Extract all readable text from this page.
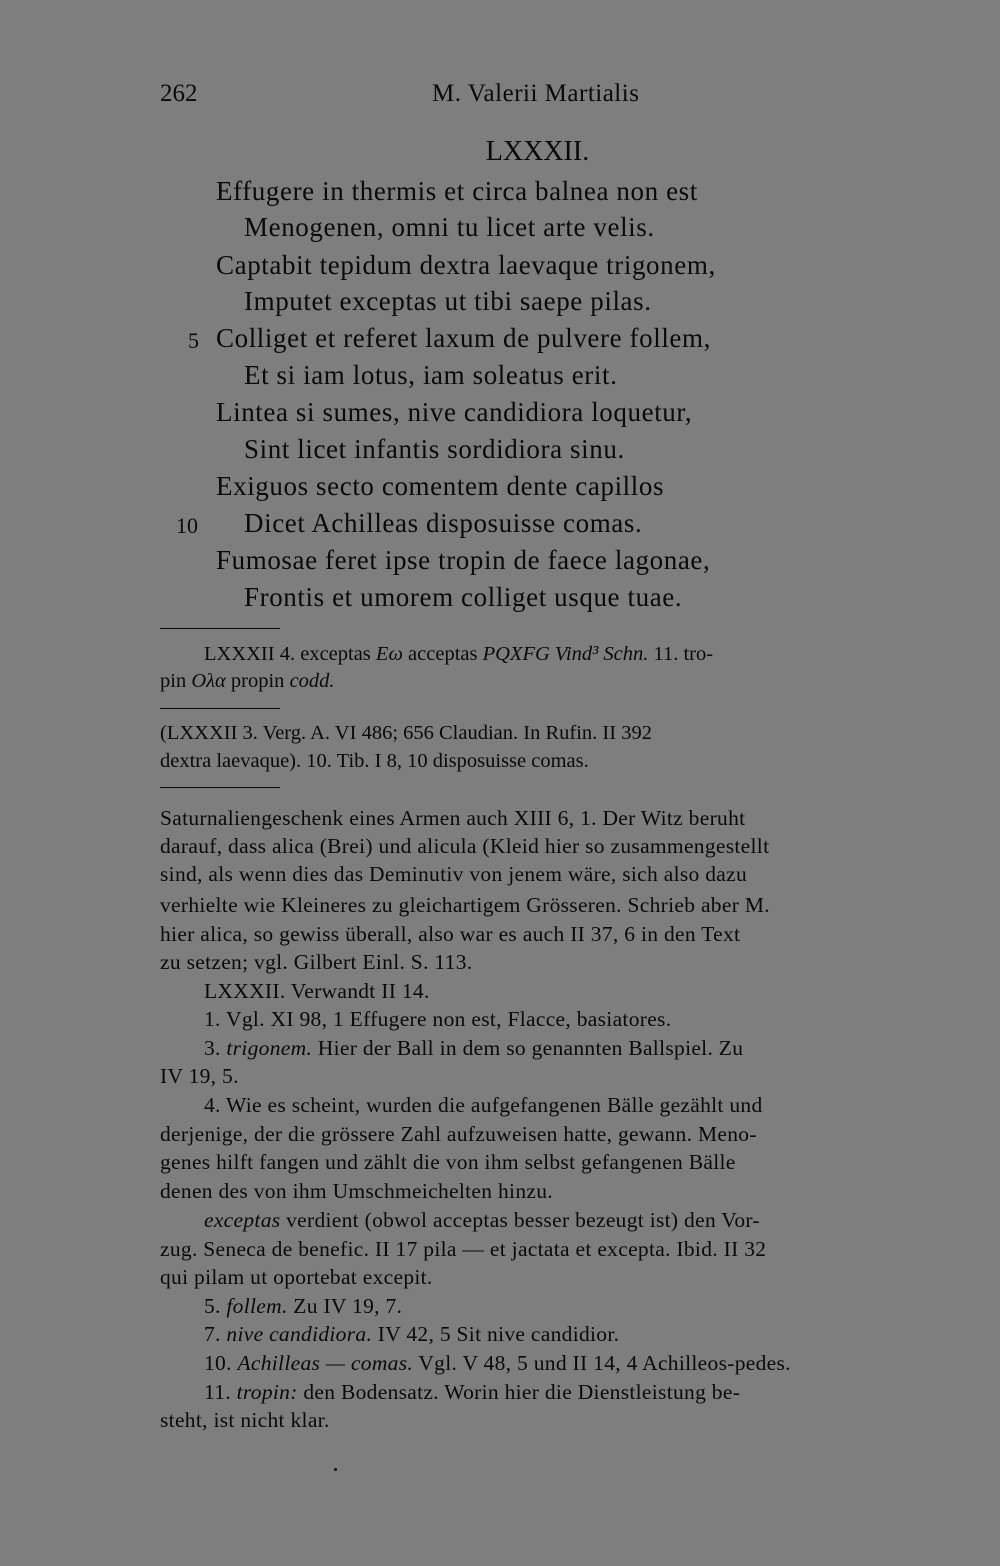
262	M. Valerii Martialis
LXXXII.
Effugere in thermis et circa balnea non est
Menogenen, omni tu licet arte velis.
Captabit tepidum dextra laevaque trigonem,
Imputet exceptas ut tibi saepe pilas.
5 Colliget et referet laxum de pulvere follem,
Et si iam lotus, iam soleatus erit.
Lintea si sumes, nive candidiora loquetur,
Sint licet infantis sordidiora sinu.
Exiguos secto comentem dente capillos
10 Dicet Achilleas disposuisse comas.
Fumosae feret ipse tropin de faece lagonae,
Frontis et umorem colliget usque tuae.
LXXXII 4. exceptas Eω acceptas PQXFG Vind³ Schn. 11. tro-
pin Ολα propin codd.
(LXXXII 3. Verg. A. VI 486; 656 Claudian. In Rufin. II 392
dextra laevaque). 10. Tib. I 8, 10 disposuisse comas.
Saturnaliengeschenk eines Armen auch XIII 6, 1. Der Witz beruht
darauf, dass alica (Brei) und alicula (Kleid hier so zusammengestellt
sind, als wenn dies das Deminutiv von jenem wäre, sich also dazu
verhielte wie Kleineres zu gleichartigem Grösseren. Schrieb aber M.
hier alica, so gewiss überall, also war es auch II 37, 6 in den Text
zu setzen; vgl. Gilbert Einl. S. 113.
LXXXII. Verwandt II 14.
1. Vgl. XI 98, 1 Effugere non est, Flacce, basiatores.
3. trigonem. Hier der Ball in dem so genannten Ballspiel. Zu
IV 19, 5.
4. Wie es scheint, wurden die aufgefangenen Bälle gezählt und
derjenige, der die grössere Zahl aufzuweisen hatte, gewann. Meno-
genes hilft fangen und zählt die von ihm selbst gefangenen Bälle
denen des von ihm Umschmeichelten hinzu.
exceptas verdient (obwol acceptas besser bezeugt ist) den Vor-
zug. Seneca de benefic. II 17 pila — et jactata et excepta. Ibid. II 32
qui pilam ut oportebat excepit.
5. follem. Zu IV 19, 7.
7. nive candidiora. IV 42, 5 Sit nive candidior.
10. Achilleas — comas. Vgl. V 48, 5 und II 14, 4 Achilleos-pedes.
11. tropin: den Bodensatz. Worin hier die Dienstleistung be-
steht, ist nicht klar.
